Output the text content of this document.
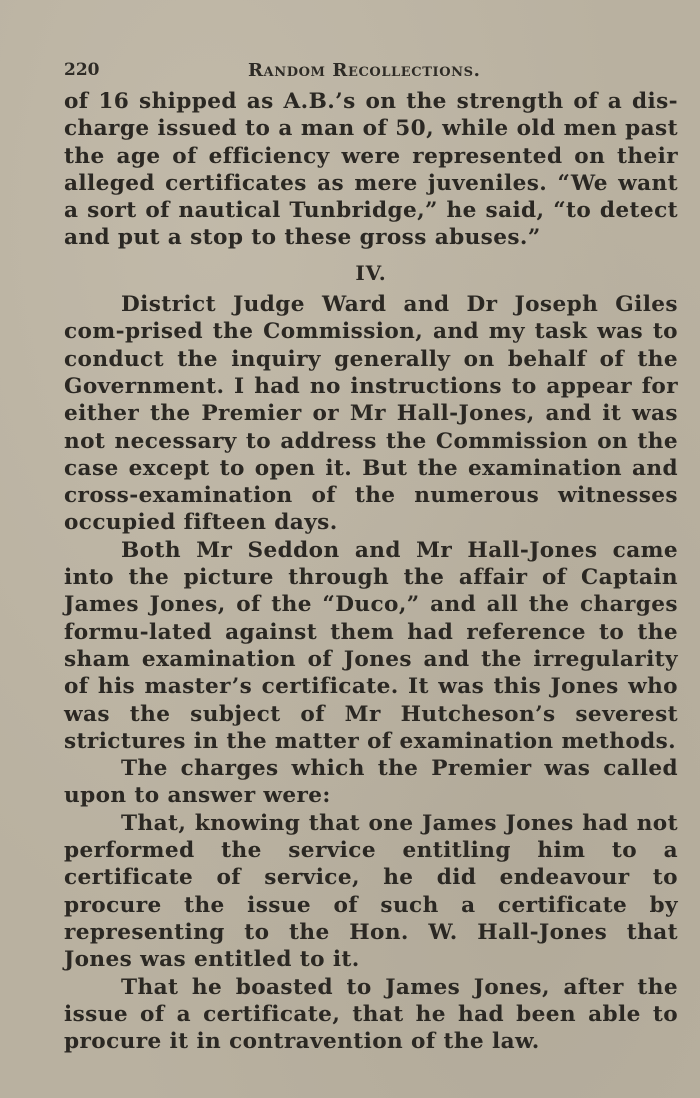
220	Random Recollections.

of 16 shipped as A.B.’s on the strength of a dis-charge issued to a man of 50, while old men past the age of efficiency were represented on their alleged certificates as mere juveniles. “We want a sort of nautical Tunbridge,” he said, “to detect and put a stop to these gross abuses.”

IV.

District Judge Ward and Dr Joseph Giles com-prised the Commission, and my task was to conduct the inquiry generally on behalf of the Government. I had no instructions to appear for either the Premier or Mr Hall-Jones, and it was not necessary to address the Commission on the case except to open it. But the examination and cross-examination of the numerous witnesses occupied fifteen days.

Both Mr Seddon and Mr Hall-Jones came into the picture through the affair of Captain James Jones, of the “Duco,” and all the charges formu-lated against them had reference to the sham examination of Jones and the irregularity of his master’s certificate. It was this Jones who was the subject of Mr Hutcheson’s severest strictures in the matter of examination methods.

The charges which the Premier was called upon to answer were:

That, knowing that one James Jones had not performed the service entitling him to a certificate of service, he did endeavour to procure the issue of such a certificate by representing to the Hon. W. Hall-Jones that Jones was entitled to it.

That he boasted to James Jones, after the issue of a certificate, that he had been able to procure it in contravention of the law.
